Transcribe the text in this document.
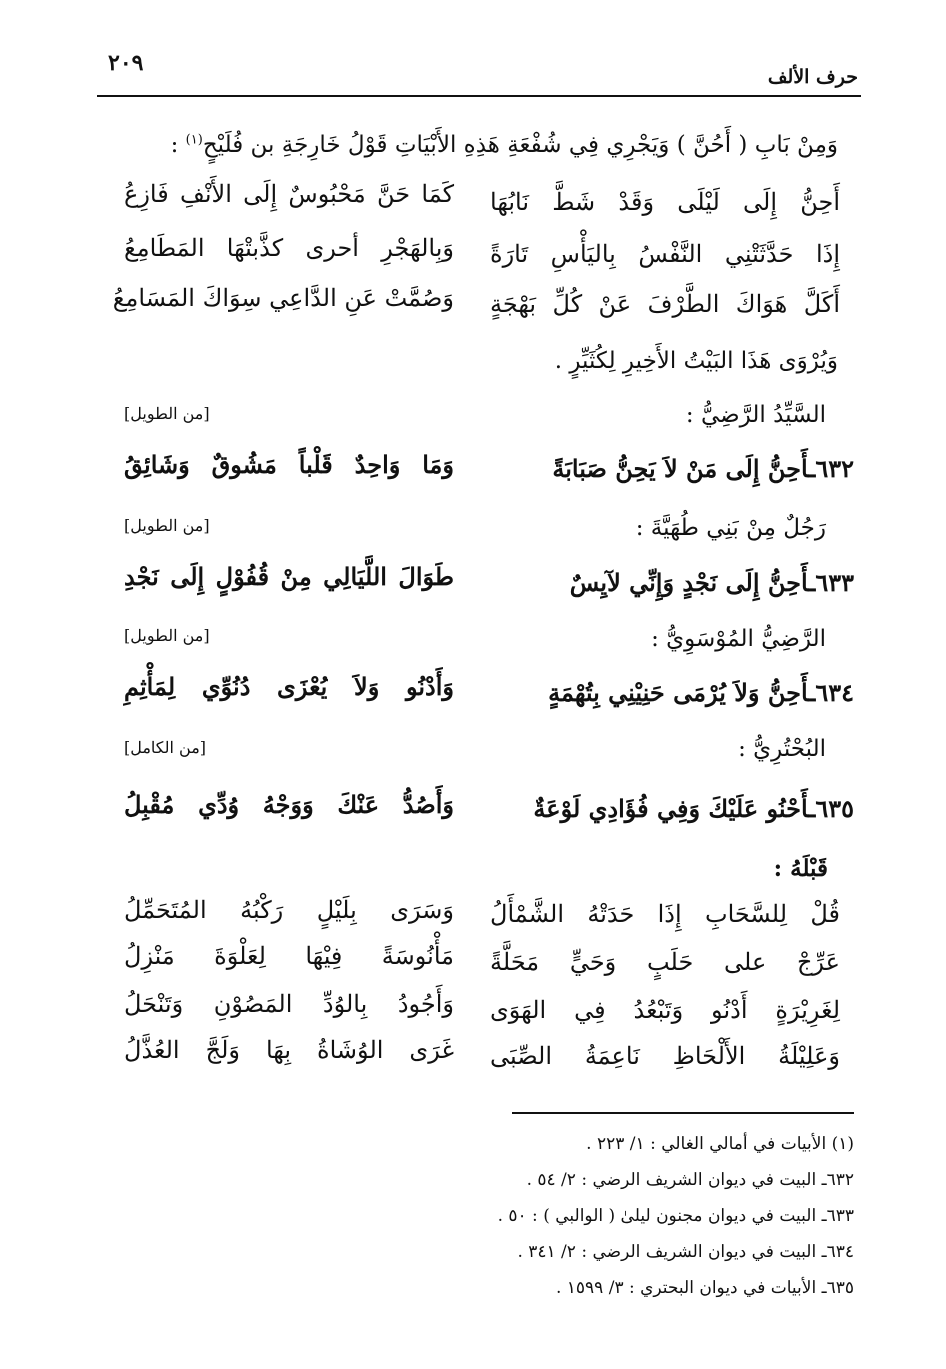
حرف الألف
٢٠٩
وَمِنْ بَابِ ( أَحُنَّ ) وَيَجْرِي فِي شُفْعَةِ هَذِهِ الأَبْيَاتِ قَوْلُ خَارِجَةِ بن فُلَيْحٍ$^{(١)}$ :
أَحِنُّ إِلَى لَيْلَى وَقَدْ شَطَّ نَابُهَا
كَمَا حَنَّ مَحْبُوسٌ إِلَى الأَنْفِ فَازِعُ
إِذَا حَدَّثَتْنِي النَّفْسُ بِاليَأْسِ تَارَةً
وَبِالهَجْرِ أحرى كذَّبتْهَا المَطَامِعُ
أَكَلَّ هَوَاكَ الطَّرْفَ عَنْ كُلِّ بَهْجَةٍ
وَصُمَّتْ عَنِ الدَّاعِي سِوَاكَ المَسَامِعُ
وَيُرْوَى هَذَا البَيْتُ الأَخِيرِ لِكُثَيِّرٍ .
السَّيِّدُ الرَّضِيُّ :
[من الطويل]
٦٣٢ـأَحِنُّ إِلَى مَنْ لاَ يَحِنُّ صَبَابَةً
وَمَا وَاحِدٌ قَلْباً مَشُوقٌ وَشَائِقُ
رَجُلٌ مِنْ بَنِي طُهَيَّةَ :
[من الطويل]
٦٣٣ـأَحِنُّ إِلَى نَجْدٍ وَإِنِّي لآيِسٌ
طَوَالَ اللَّيَالِي مِنْ قُفُوْلٍ إِلَى نَجْدِ
الرَّضِيُّ المُوْسَوِيُّ :
[من الطويل]
٦٣٤ـأَحِنُّ وَلاَ يُرْمَى حَنِيْنِي بِتُهْمَةٍ
وَأَدْنُو وَلاَ يُعْزَى دُنُوِّي لِمَأْثِمِ
البُحْتُرِيُّ :
[من الكامل]
٦٣٥ـأَحْنُو عَلَيْكَ وَفِي فُؤَادِي لَوْعَةٌ
وَأَصُدُّ عَنْكَ وَوَجْهُ وُدِّي مُقْبِلُ
قَبْلَهُ :
قُلْ لِلسَّحَابِ إِذَا حَدَتْهُ الشَّمْأَلُ
وَسَرَى بِلَيْلٍ رَكْبُهُ المُتَحَمِّلُ
عَرِّجْ على حَلَبٍ وَحَيٍّ مَحَلَّةً
مَأْنُوسَةً فِيْهَا لِعَلْوَةَ مَنْزِلُ
لِغَرِيْرَةٍ أَدْنُو وَتَبْعُدُ فِي الهَوَى
وَأَجُودُ بِالوُدِّ المَصُوْنِ وَتَنْحَلُ
وَعَلِيْلَةُ الأَلْحَاظِ نَاعِمَةُ الصِّبَى
غَرَى الوُشَاةُ بِهَا وَلَجَّ العُذَّلُ
(١) الأبيات في أمالي الغالي : ١/ ٢٢٣ .
٦٣٢ـ البيت في ديوان الشريف الرضي : ٢/ ٥٤ .
٦٣٣ـ البيت في ديوان مجنون ليلىٰ ( الوالبي ) : ٥٠ .
٦٣٤ـ البيت في ديوان الشريف الرضي : ٢/ ٣٤١ .
٦٣٥ـ الأبيات في ديوان البحتري : ٣/ ١٥٩٩ .
